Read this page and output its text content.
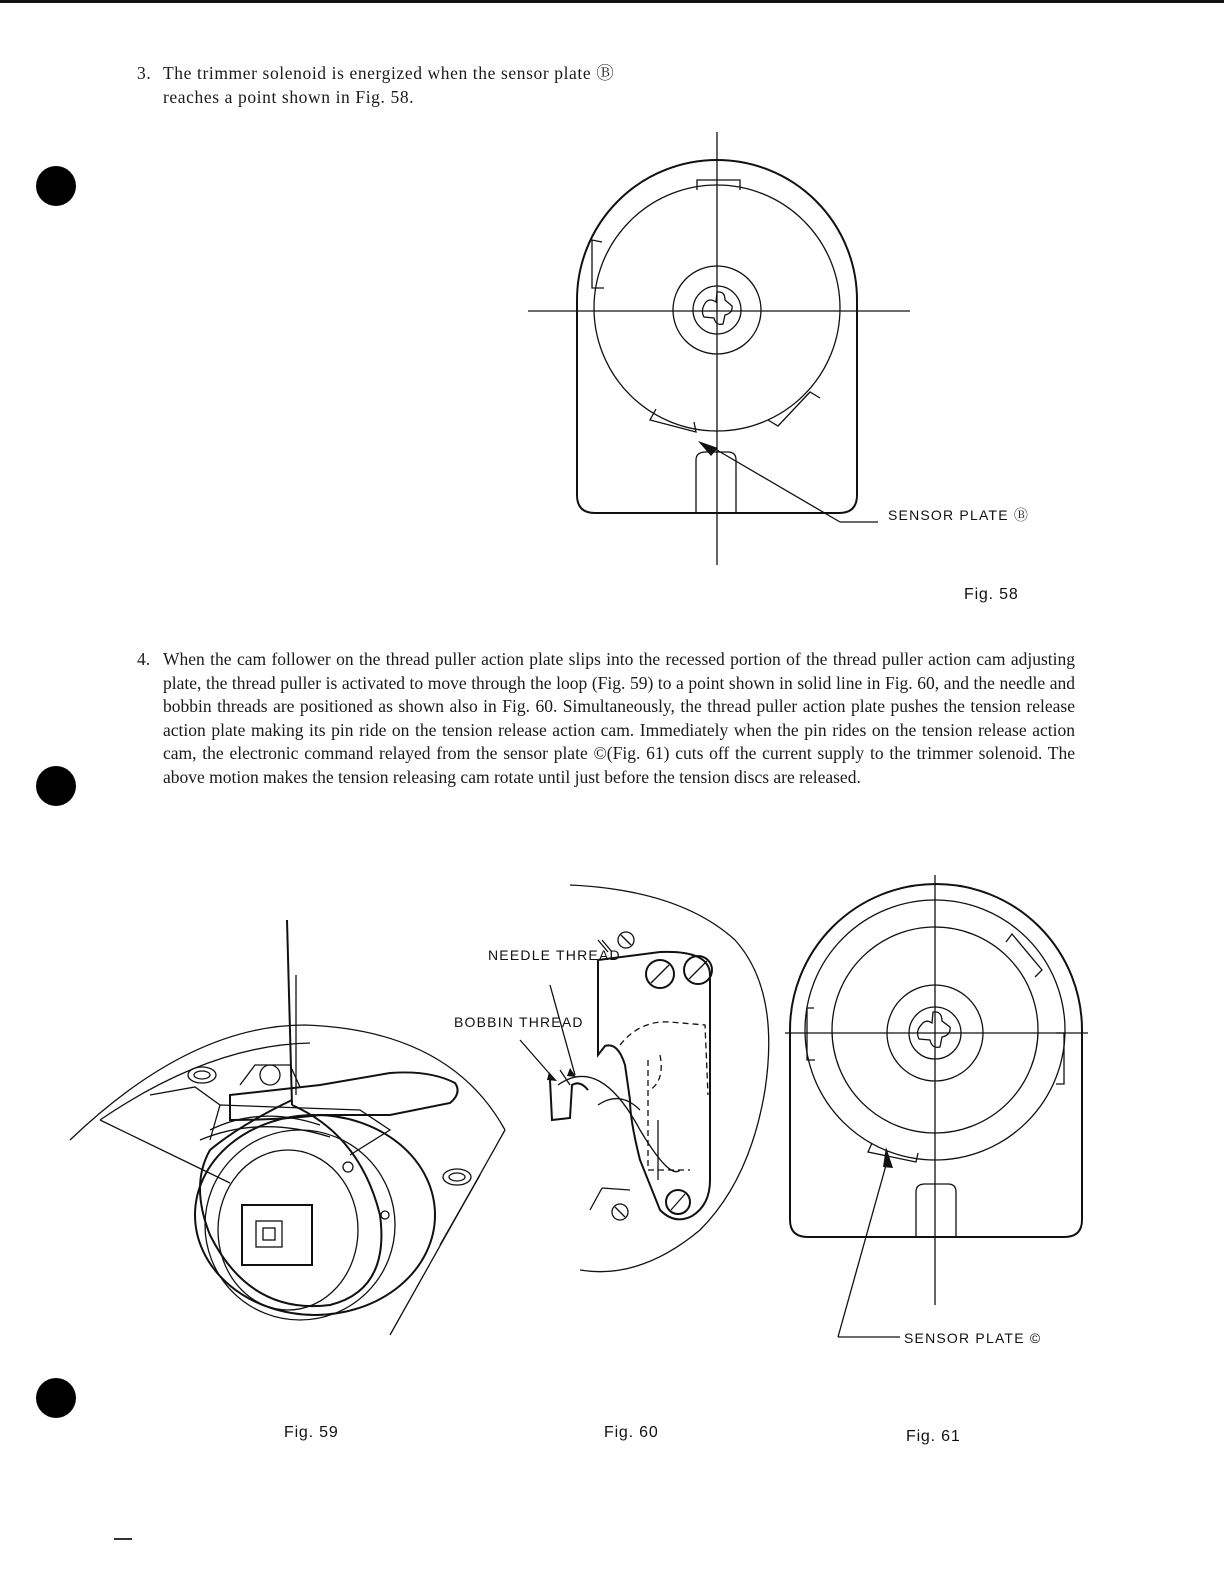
3. The trimmer solenoid is energized when the sensor plate Ⓑ reaches a point shown in Fig. 58.
SENSOR PLATE Ⓑ
Fig. 58
4. When the cam follower on the thread puller action plate slips into the recessed portion of the thread puller action cam adjusting plate, the thread puller is activated to move through the loop (Fig. 59) to a point shown in solid line in Fig. 60, and the needle and bobbin threads are positioned as shown also in Fig. 60. Simultaneously, the thread puller action plate pushes the tension release action plate making its pin ride on the tension release action cam. Immediately when the pin rides on the tension release action cam, the electronic command relayed from the sensor plate ©(Fig. 61) cuts off the current supply to the trimmer solenoid. The above motion makes the tension releasing cam rotate until just before the tension discs are released.
Fig. 59
NEEDLE THREAD
BOBBIN THREAD
Fig. 60
SENSOR PLATE ©
Fig. 61
